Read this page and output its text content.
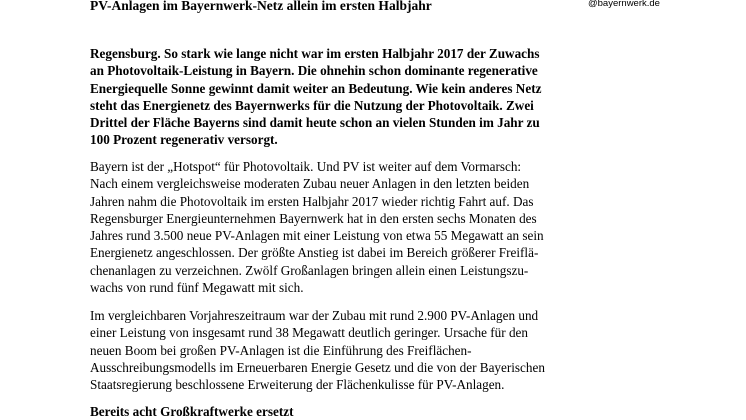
PV-Anlagen im Bayernwerk-Netz allein im ersten Halbjahr	@bayernwerk.de
Regensburg. So stark wie lange nicht war im ersten Halbjahr 2017 der Zuwachs
an Photovoltaik-Leistung in Bayern. Die ohnehin schon dominante regenerative
Energiequelle Sonne gewinnt damit weiter an Bedeutung. Wie kein anderes Netz
steht das Energienetz des Bayernwerks für die Nutzung der Photovoltaik. Zwei
Drittel der Fläche Bayerns sind damit heute schon an vielen Stunden im Jahr zu
100 Prozent regenerativ versorgt.
Bayern ist der „Hotspot“ für Photovoltaik. Und PV ist weiter auf dem Vormarsch:
Nach einem vergleichsweise moderaten Zubau neuer Anlagen in den letzten beiden
Jahren nahm die Photovoltaik im ersten Halbjahr 2017 wieder richtig Fahrt auf. Das
Regensburger Energieunternehmen Bayernwerk hat in den ersten sechs Monaten des
Jahres rund 3.500 neue PV-Anlagen mit einer Leistung von etwa 55 Megawatt an sein
Energienetz angeschlossen. Der größte Anstieg ist dabei im Bereich größerer Freiflä-
chenanlagen zu verzeichnen. Zwölf Großanlagen bringen allein einen Leistungszu-
wachs von rund fünf Megawatt mit sich.
Im vergleichbaren Vorjahreszeitraum war der Zubau mit rund 2.900 PV-Anlagen und
einer Leistung von insgesamt rund 38 Megawatt deutlich geringer. Ursache für den
neuen Boom bei großen PV-Anlagen ist die Einführung des Freiflächen-
Ausschreibungsmodells im Erneuerbaren Energie Gesetz und die von der Bayerischen
Staatsregierung beschlossene Erweiterung der Flächenkulisse für PV-Anlagen.
Bereits acht Großkraftwerke ersetzt
